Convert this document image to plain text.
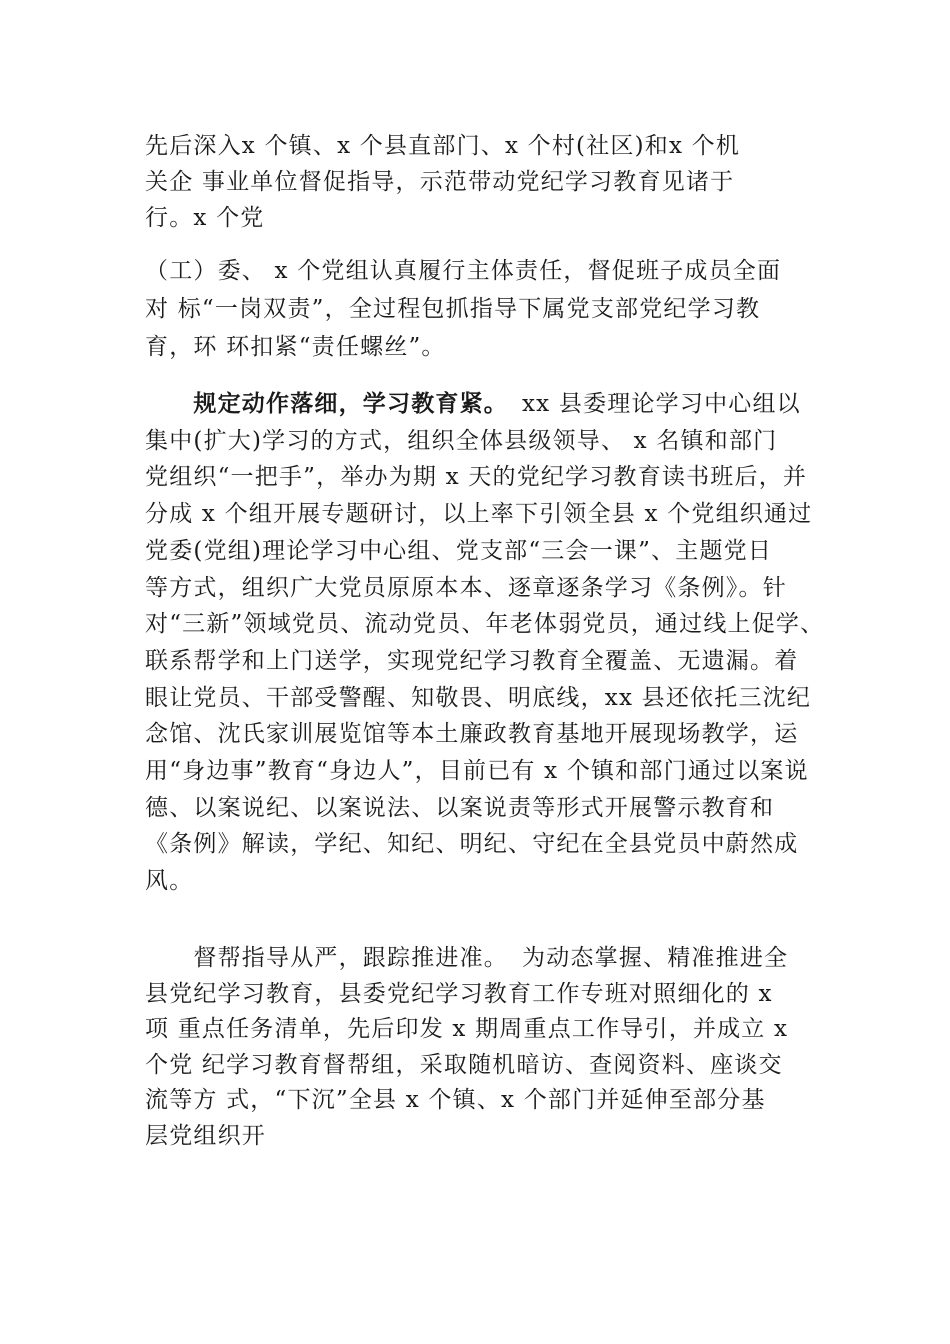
先后深入x 个镇、x 个县直部门、x 个村(社区)和x 个机
关企 事业单位督促指导，示范带动党纪学习教育见诸于
行。x 个党
（工）委、 x 个党组认真履行主体责任，督促班子成员全面
对 标“一岗双责”，全过程包抓指导下属党支部党纪学习教
育，环 环扣紧“责任螺丝”。
　　规定动作落细，学习教育紧。 xx 县委理论学习中心组以
集中(扩大)学习的方式，组织全体县级领导、 x 名镇和部门
党组织“一把手”，举办为期 x 天的党纪学习教育读书班后，并
分成 x 个组开展专题研讨，以上率下引领全县 x 个党组织通过
党委(党组)理论学习中心组、党支部“三会一课”、主题党日
等方式，组织广大党员原原本本、逐章逐条学习《条例》。针
对“三新”领域党员、流动党员、年老体弱党员，通过线上促学、
联系帮学和上门送学，实现党纪学习教育全覆盖、无遗漏。着
眼让党员、干部受警醒、知敬畏、明底线，xx 县还依托三沈纪
念馆、沈氏家训展览馆等本土廉政教育基地开展现场教学，运
用“身边事”教育“身边人”，目前已有 x 个镇和部门通过以案说
德、以案说纪、以案说法、以案说责等形式开展警示教育和
《条例》解读，学纪、知纪、明纪、守纪在全县党员中蔚然成
风。
　　督帮指导从严，跟踪推进准。 为动态掌握、精准推进全
县党纪学习教育，县委党纪学习教育工作专班对照细化的 x
项 重点任务清单，先后印发 x 期周重点工作导引，并成立 x
个党 纪学习教育督帮组，采取随机暗访、查阅资料、座谈交
流等方 式，“下沉”全县 x 个镇、x 个部门并延伸至部分基
层党组织开
